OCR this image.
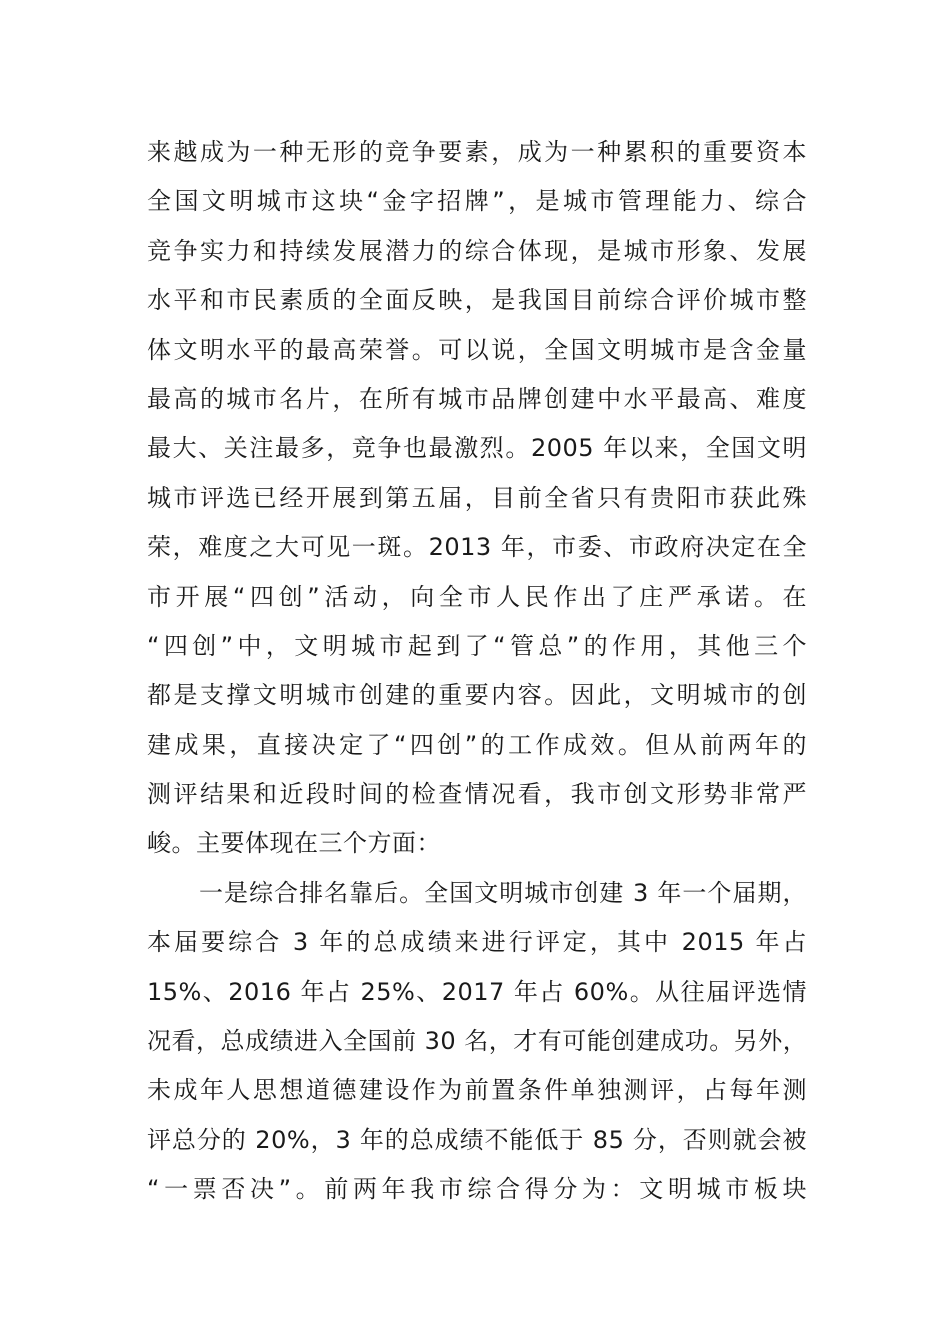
来越成为一种无形的竞争要素，成为一种累积的重要资本
全国文明城市这块“金字招牌”，是城市管理能力、综合
竞争实力和持续发展潜力的综合体现，是城市形象、发展
水平和市民素质的全面反映，是我国目前综合评价城市整
体文明水平的最高荣誉。可以说，全国文明城市是含金量
最高的城市名片，在所有城市品牌创建中水平最高、难度
最大、关注最多，竞争也最激烈。2005 年以来，全国文明
城市评选已经开展到第五届，目前全省只有贵阳市获此殊
荣，难度之大可见一斑。2013 年，市委、市政府决定在全
市开展“四创”活动，向全市人民作出了庄严承诺。在
“四创”中，文明城市起到了“管总”的作用，其他三个
都是支撑文明城市创建的重要内容。因此，文明城市的创
建成果，直接决定了“四创”的工作成效。但从前两年的
测评结果和近段时间的检查情况看，我市创文形势非常严
峻。主要体现在三个方面：
一是综合排名靠后。全国文明城市创建 3 年一个届期，
本届要综合 3 年的总成绩来进行评定，其中 2015 年占
15%、2016 年占 25%、2017 年占 60%。从往届评选情
况看，总成绩进入全国前 30 名，才有可能创建成功。另外，
未成年人思想道德建设作为前置条件单独测评，占每年测
评总分的 20%，3 年的总成绩不能低于 85 分，否则就会被
“一票否决”。前两年我市综合得分为：文明城市板块
